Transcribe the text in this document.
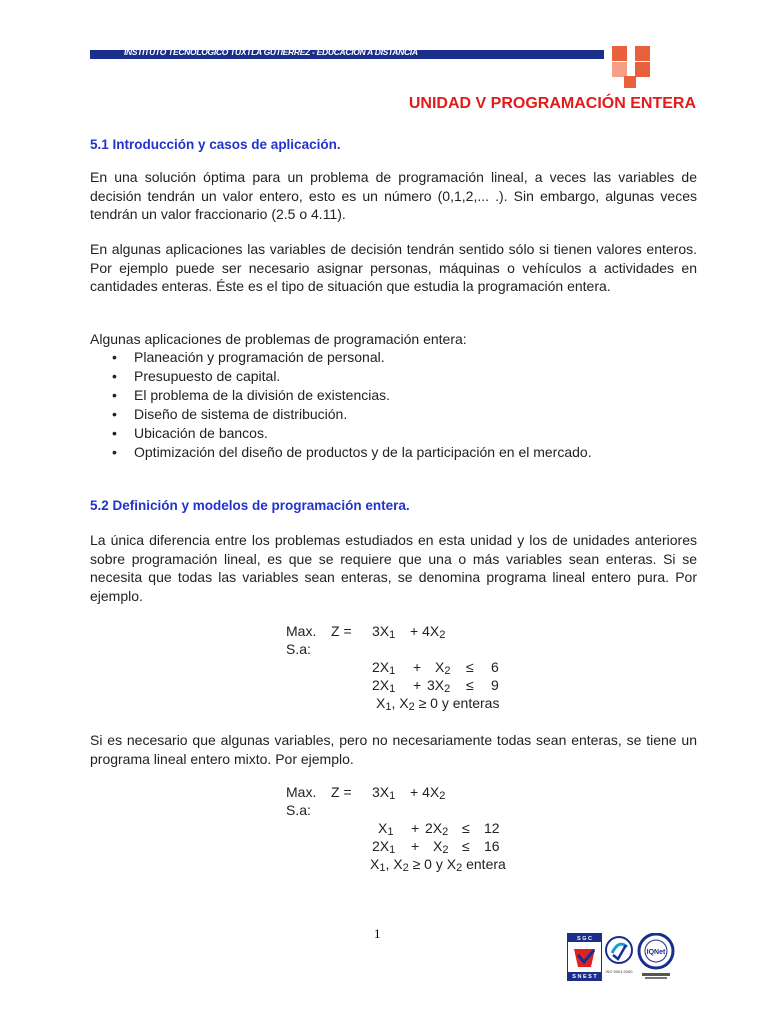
INSTITUTO TECNOLÓGICO TUXTLA GUTIÉRREZ - EDUCACIÓN A DISTANCIA
UNIDAD V PROGRAMACIÓN ENTERA
5.1 Introducción y casos de aplicación.
En una solución óptima para un problema de programación lineal, a veces las variables de decisión tendrán un valor entero, esto es un número (0,1,2,... .). Sin embargo, algunas veces tendrán un valor fraccionario (2.5 o 4.11).
En algunas aplicaciones las variables de decisión tendrán sentido sólo si tienen valores enteros. Por ejemplo puede ser necesario asignar personas, máquinas o vehículos a actividades en cantidades enteras. Éste es el tipo de situación que estudia la programación entera.
Algunas aplicaciones de problemas de programación entera:
• Planeación y programación de personal.
• Presupuesto de capital.
• El problema de la división de existencias.
• Diseño de sistema de distribución.
• Ubicación de bancos.
• Optimización del diseño de productos y de la participación en el mercado.
5.2 Definición y modelos de programación entera.
La única diferencia entre los problemas estudiados en esta unidad y los de unidades anteriores sobre programación lineal, es que se requiere que una o más variables sean enteras. Si se necesita que todas las variables sean enteras, se denomina programa lineal entero pura. Por ejemplo.
Max. $Z = 3X_1 + 4X_2$
S.a:
$2X_1 + X_2 \le 6$
$2X_1 + 3X_2 \le 9$
$X_1$, $X_2 \ge 0$ y enteras
Si es necesario que algunas variables, pero no necesariamente todas sean enteras, se tiene un programa lineal entero mixto. Por ejemplo.
Max. $Z = 3X_1 + 4X_2$
S.a:
$X_1 + 2X_2 \le 12$
$2X_1 + X_2 \le 16$
$X_1$, $X_2 \ge 0$ y $X_2$ entera
1	S G C
S N E S T
ISO 9001:2000
IQNet
